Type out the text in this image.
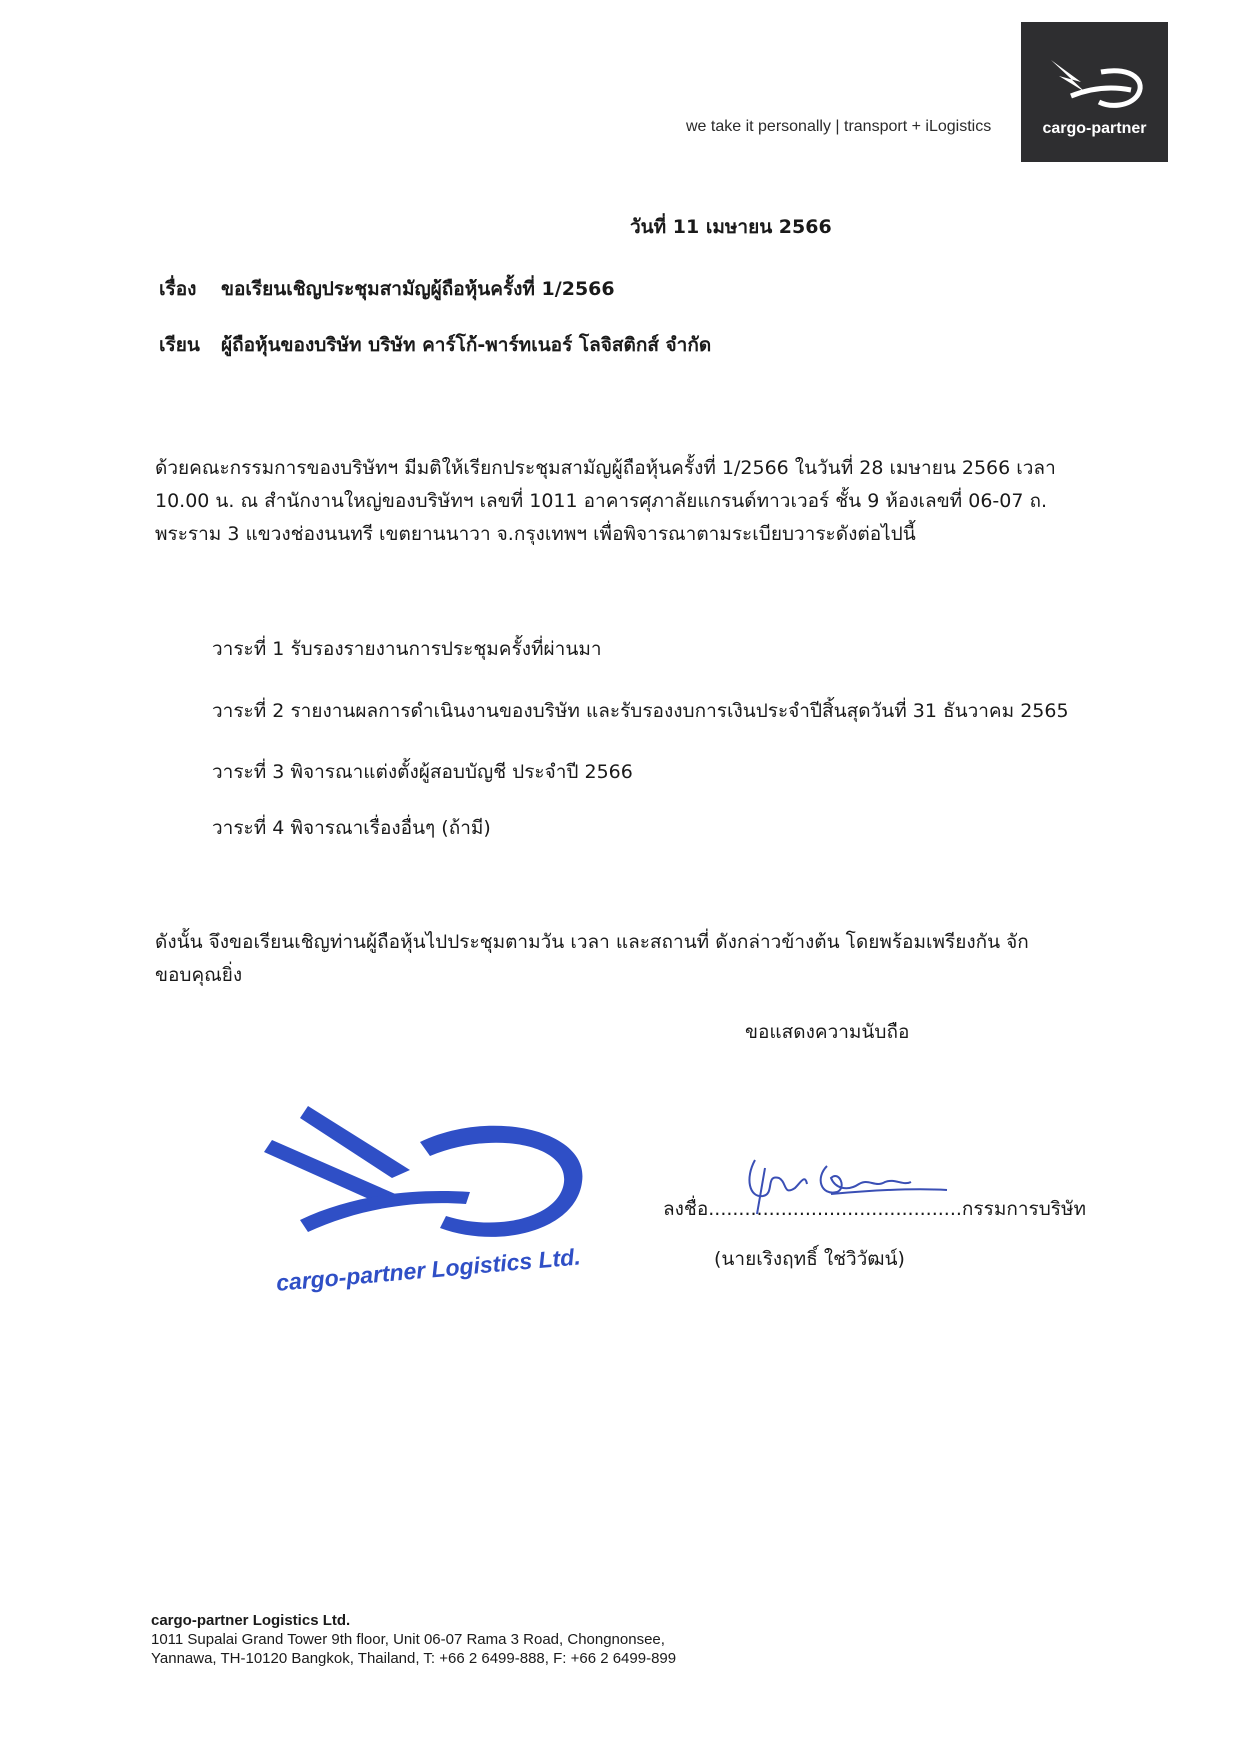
we take it personally | transport + iLogistics	cargo-partner
วันที่ 11 เมษายน 2566
เรื่อง ขอเรียนเชิญประชุมสามัญผู้ถือหุ้นครั้งที่ 1/2566
เรียน ผู้ถือหุ้นของบริษัท บริษัท คาร์โก้-พาร์ทเนอร์ โลจิสติกส์ จำกัด
ด้วยคณะกรรมการของบริษัทฯ มีมติให้เรียกประชุมสามัญผู้ถือหุ้นครั้งที่ 1/2566 ในวันที่ 28 เมษายน 2566 เวลา
10.00 น. ณ สำนักงานใหญ่ของบริษัทฯ เลขที่ 1011 อาคารศุภาลัยแกรนด์ทาวเวอร์ ชั้น 9 ห้องเลขที่ 06-07 ถ.
พระราม 3 แขวงช่องนนทรี เขตยานนาวา จ.กรุงเทพฯ เพื่อพิจารณาตามระเบียบวาระดังต่อไปนี้
วาระที่ 1 รับรองรายงานการประชุมครั้งที่ผ่านมา
วาระที่ 2 รายงานผลการดำเนินงานของบริษัท และรับรองงบการเงินประจำปีสิ้นสุดวันที่ 31 ธันวาคม 2565
วาระที่ 3 พิจารณาแต่งตั้งผู้สอบบัญชี ประจำปี 2566
วาระที่ 4 พิจารณาเรื่องอื่นๆ (ถ้ามี)
ดังนั้น จึงขอเรียนเชิญท่านผู้ถือหุ้นไปประชุมตามวัน เวลา และสถานที่ ดังกล่าวข้างต้น โดยพร้อมเพรียงกัน จัก
ขอบคุณยิ่ง
ขอแสดงความนับถือ
cargo-partner Logistics Ltd.
ลงชื่อ..........................................กรรมการบริษัท
(นายเริงฤทธิ์ ใช่วิวัฒน์)
cargo-partner Logistics Ltd.
1011 Supalai Grand Tower 9th floor, Unit 06-07 Rama 3 Road, Chongnonsee,
Yannawa, TH-10120 Bangkok, Thailand, T: +66 2 6499-888, F: +66 2 6499-899
